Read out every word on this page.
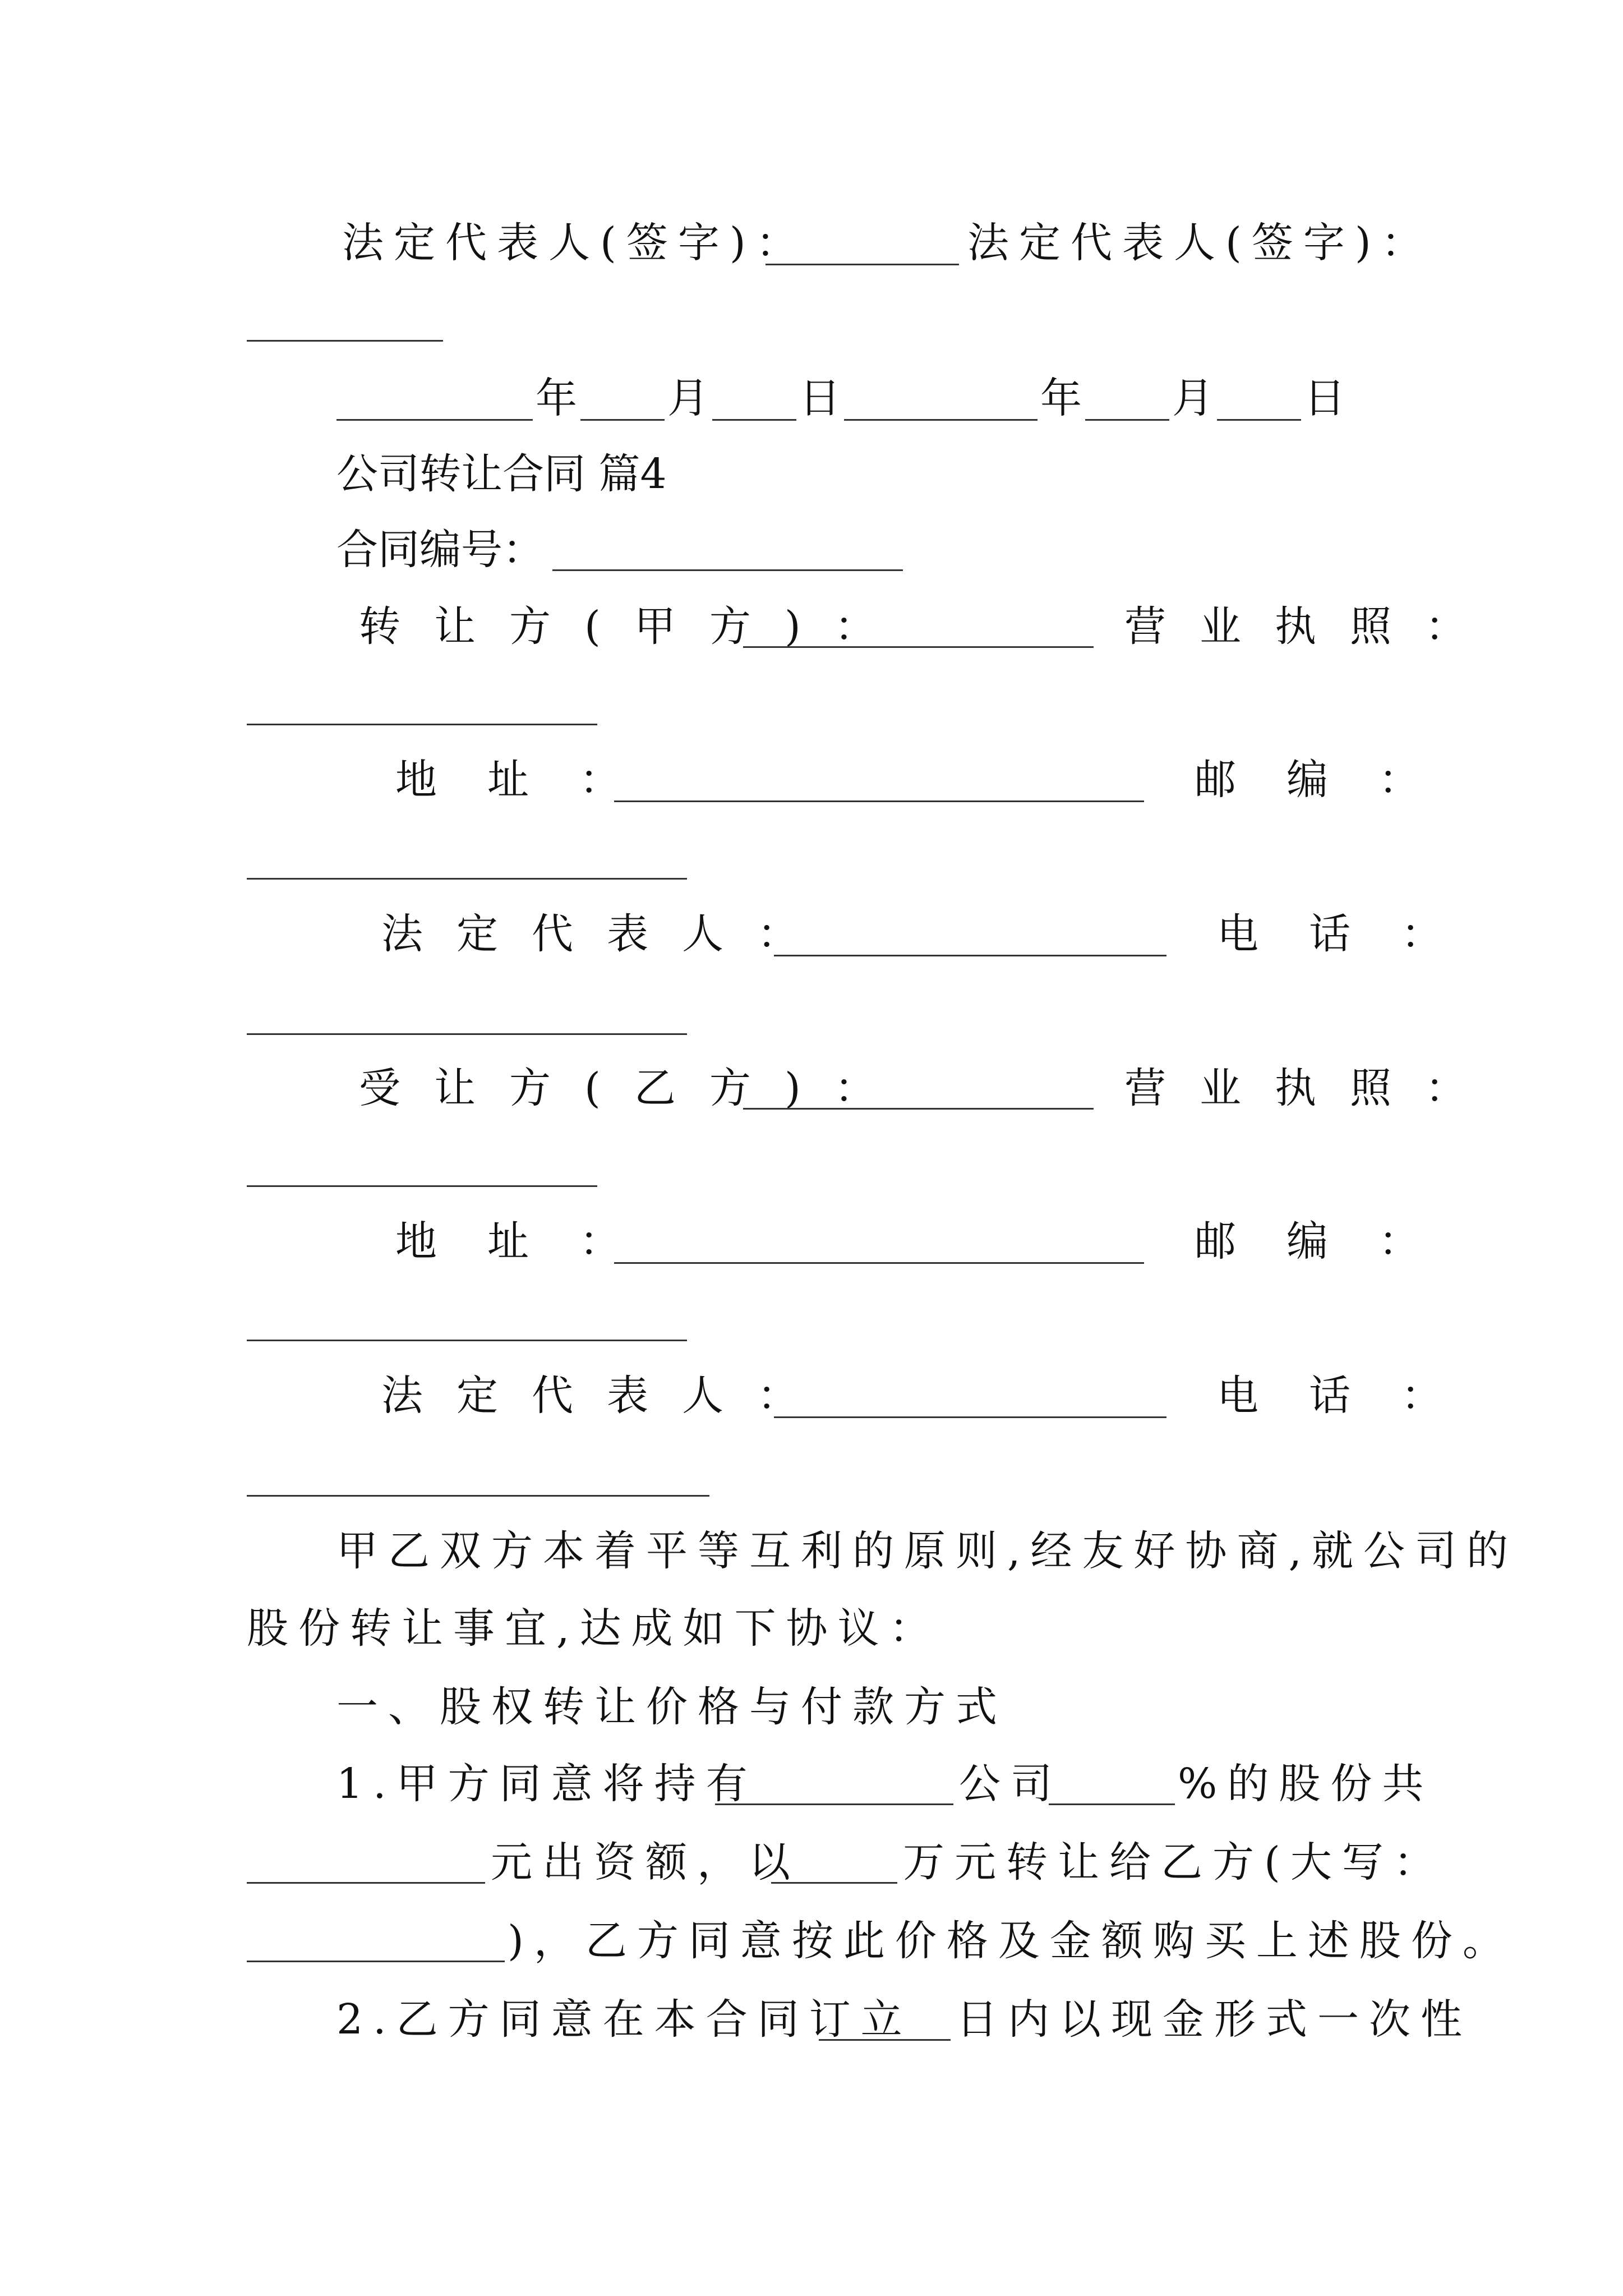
法定代表人(签字)：	法定代表人(签字)：
年 月 日	年 月 日
公司转让合同 篇4
合同编号：
转让方(甲方)：	营业执照：
地址：	邮编：
法定代表人：	电话：
受让方(乙方)：	营业执照：
地址：	邮编：
法定代表人：	电话：
甲乙双方本着平等互利的原则,经友好协商,就公司的
股份转让事宜,达成如下协议：
一、股权转让价格与付款方式
1.甲方同意将持有	公司	%的股份共
元出资额，以 万元转让给乙方(大写：
)，乙方同意按此价格及金额购买上述股份。
2.乙方同意在本合同订立 日内以现金形式一次性
